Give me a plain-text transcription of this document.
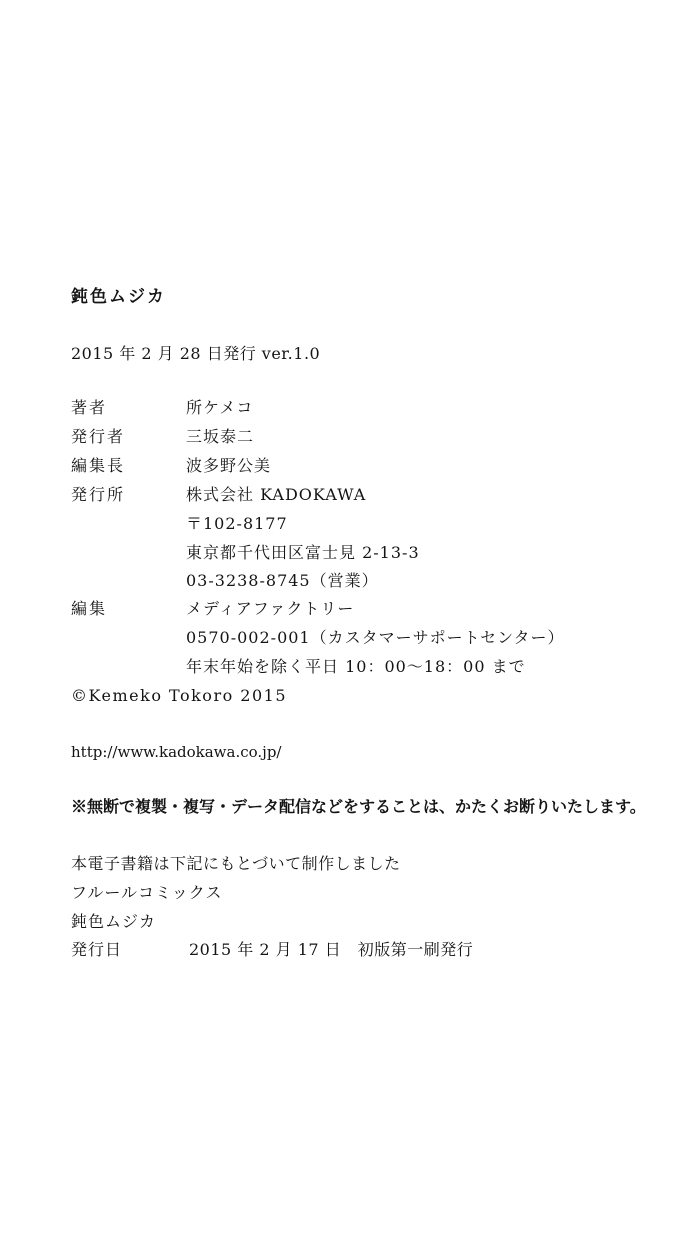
鈍色ムジカ
2015 年 2 月 28 日発行 ver.1.0
著者	所ケメコ
発行者	三坂泰二
編集長	波多野公美
発行所	株式会社 KADOKAWA
〒102-8177
東京都千代田区富士見 2-13-3
03-3238-8745（営業）
編集	メディアファクトリー
0570-002-001（カスタマーサポートセンター）
年末年始を除く平日 10：00～18：00 まで
©Kemeko Tokoro 2015
http://www.kadokawa.co.jp/
※無断で複製・複写・データ配信などをすることは、かたくお断りいたします。
本電子書籍は下記にもとづいて制作しました
フルールコミックス
鈍色ムジカ
発行日	2015 年 2 月 17 日　初版第一刷発行
